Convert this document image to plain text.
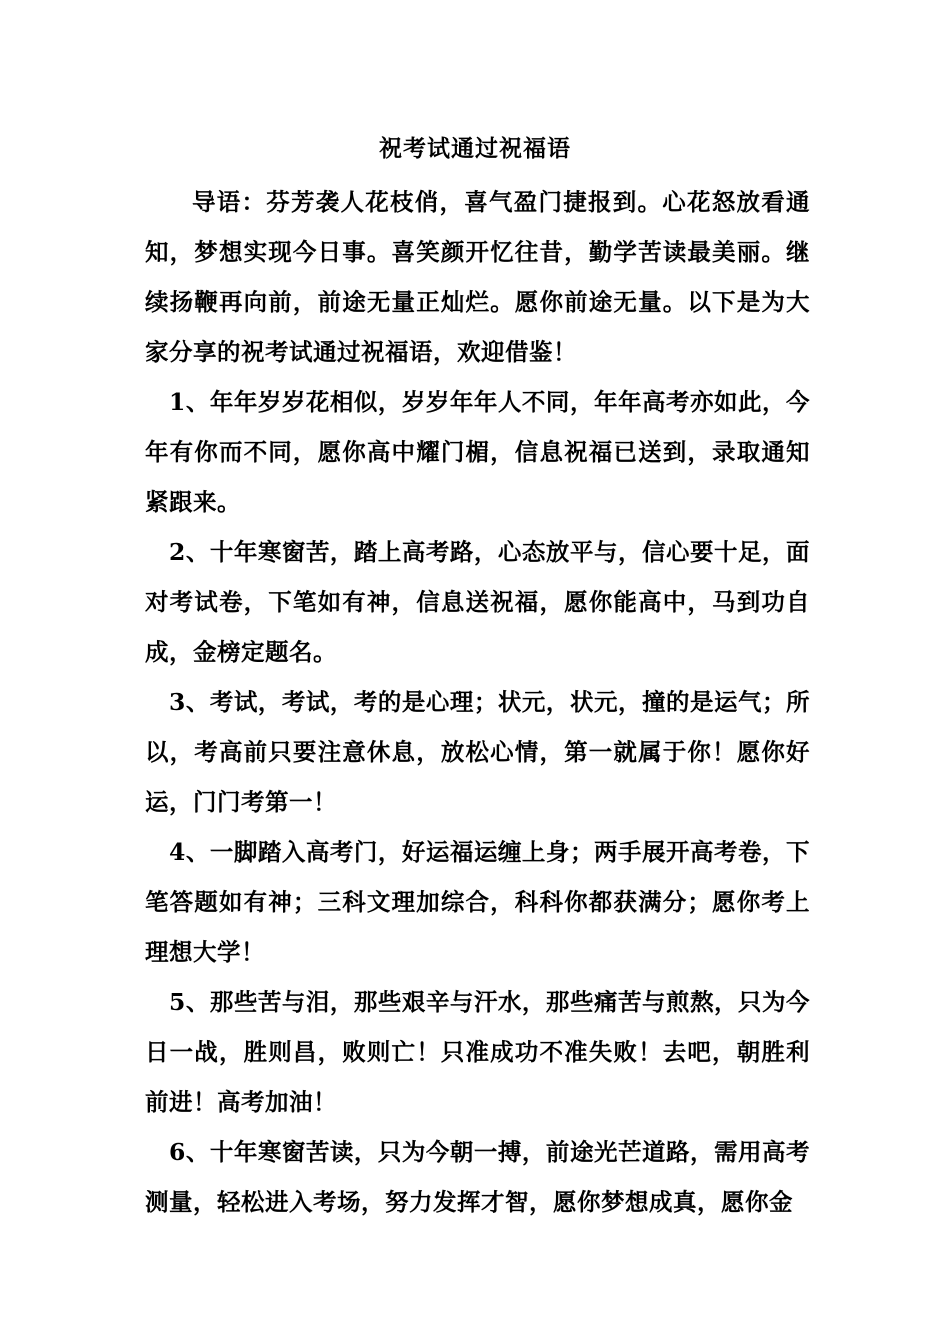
祝考试通过祝福语

导语：芬芳袭人花枝俏，喜气盈门捷报到。心花怒放看通知，梦想实现今日事。喜笑颜开忆往昔，勤学苦读最美丽。继续扬鞭再向前，前途无量正灿烂。愿你前途无量。以下是为大家分享的祝考试通过祝福语，欢迎借鉴！

1、年年岁岁花相似，岁岁年年人不同，年年高考亦如此，今年有你而不同，愿你高中耀门楣，信息祝福已送到，录取通知紧跟来。

2、十年寒窗苦，踏上高考路，心态放平与，信心要十足，面对考试卷，下笔如有神，信息送祝福，愿你能高中，马到功自成，金榜定题名。

3、考试，考试，考的是心理；状元，状元，撞的是运气；所以，考高前只要注意休息，放松心情，第一就属于你！愿你好运，门门考第一！

4、一脚踏入高考门，好运福运缠上身；两手展开高考卷，下笔答题如有神；三科文理加综合，科科你都获满分；愿你考上理想大学！

5、那些苦与泪，那些艰辛与汗水，那些痛苦与煎熬，只为今日一战，胜则昌，败则亡！只准成功不准失败！去吧，朝胜利前进！高考加油！

6、十年寒窗苦读，只为今朝一搏，前途光芒道路，需用高考测量，轻松进入考场，努力发挥才智，愿你梦想成真，愿你金
